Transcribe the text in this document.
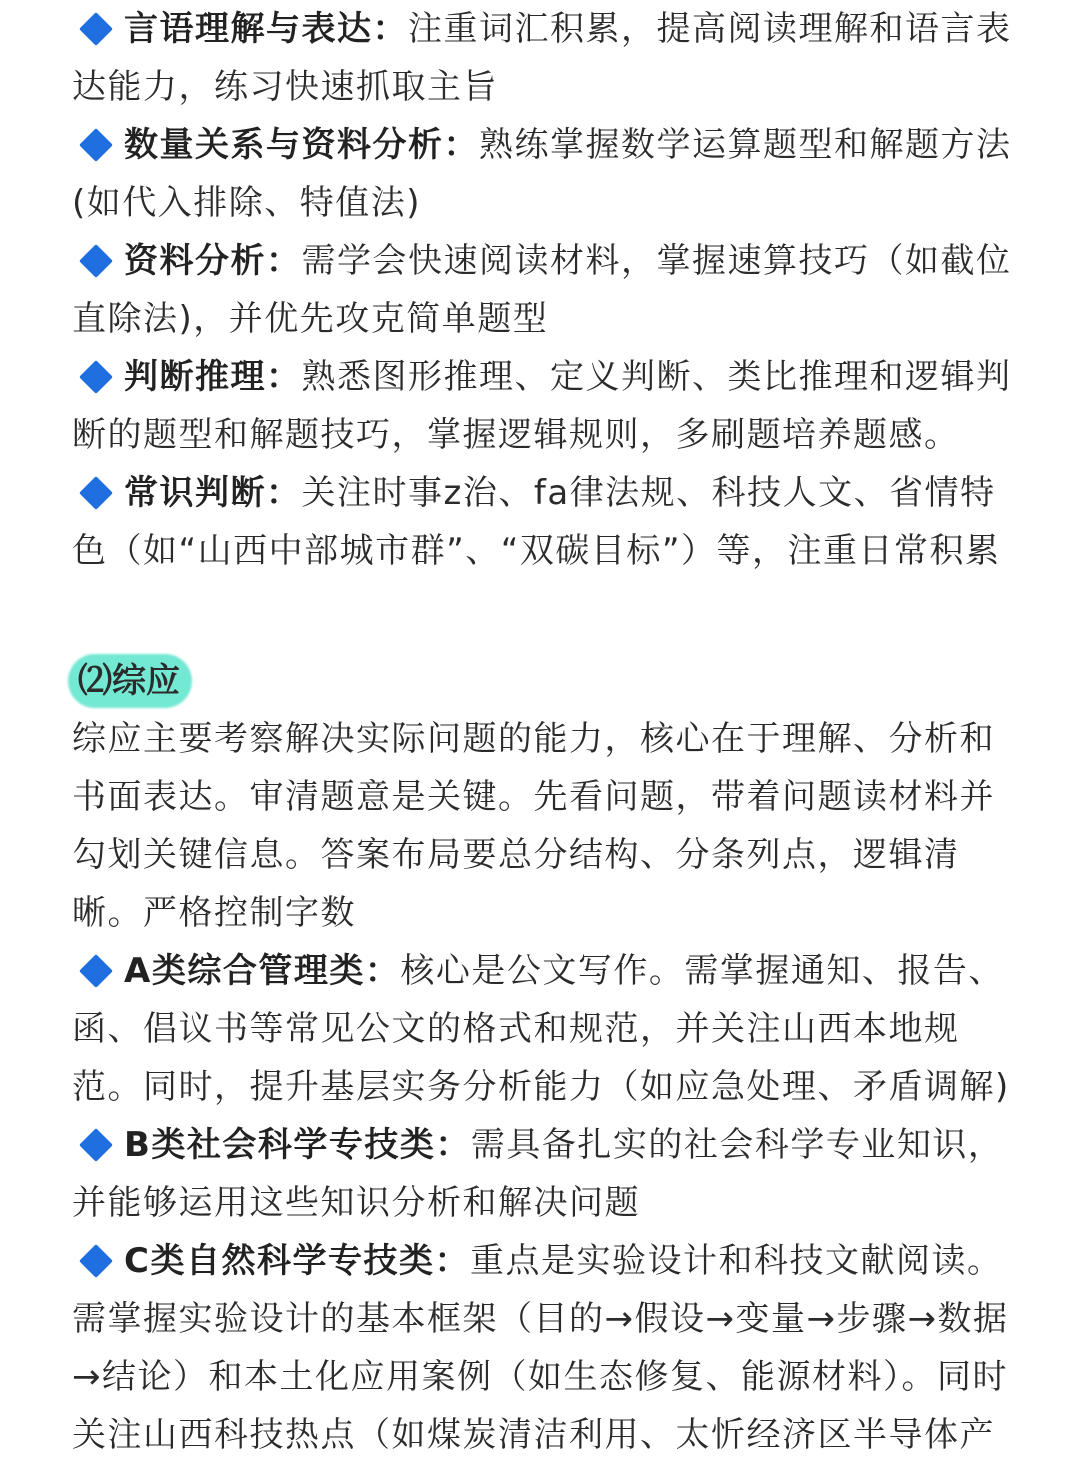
言语理解与表达：注重词汇积累，提高阅读理解和语言表达能力，练习快速抓取主旨

数量关系与资料分析：熟练掌握数学运算题型和解题方法(如代入排除、特值法)

资料分析：需学会快速阅读材料，掌握速算技巧（如截位直除法)，并优先攻克简单题型

判断推理：熟悉图形推理、定义判断、类比推理和逻辑判断的题型和解题技巧，掌握逻辑规则，多刷题培养题感。

常识判断：关注时事z治、fa律法规、科技人文、省情特色（如“山西中部城市群”、“双碳目标”）等，注重日常积累

⑵综应

综应主要考察解决实际问题的能力，核心在于理解、分析和书面表达。审清题意是关键。先看问题，带着问题读材料并勾划关键信息。答案布局要总分结构、分条列点，逻辑清晰。严格控制字数

A类综合管理类：核心是公文写作。需掌握通知、报告、函、倡议书等常见公文的格式和规范，并关注山西本地规范。同时，提升基层实务分析能力（如应急处理、矛盾调解)

B类社会科学专技类：需具备扎实的社会科学专业知识，并能够运用这些知识分析和解决问题

C类自然科学专技类：重点是实验设计和科技文献阅读。需掌握实验设计的基本框架（目的→假设→变量→步骤→数据→结论）和本土化应用案例（如生态修复、能源材料）。同时关注山西科技热点（如煤炭清洁利用、太忻经济区半导体产
